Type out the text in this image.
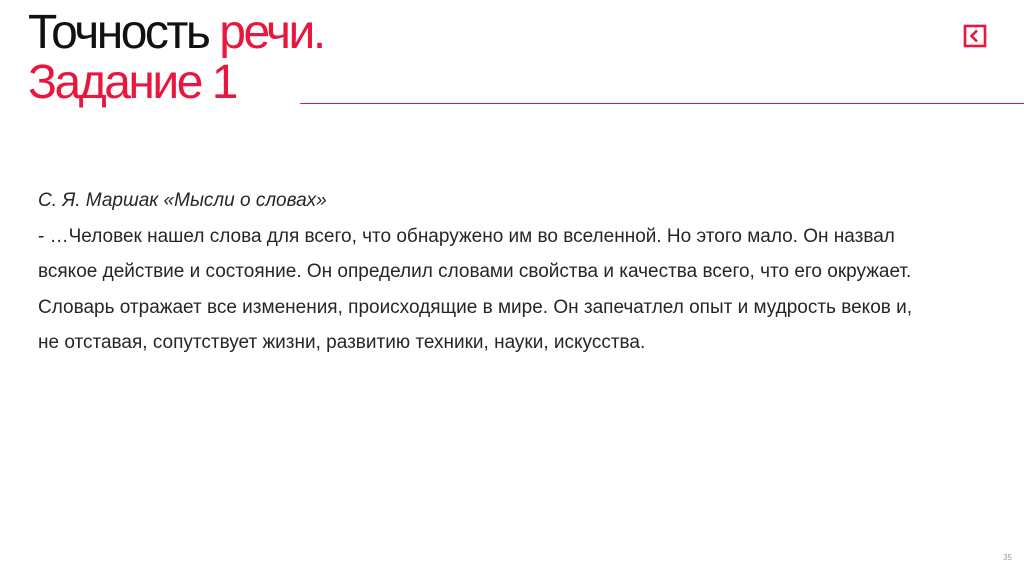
Точность речи.
Задание 1

С. Я. Маршак «Мысли о словах»

- …Человек нашел слова для всего, что обнаружено им во вселенной. Но этого мало. Он назвал всякое действие и состояние. Он определил словами свойства и качества всего, что его окружает.

Словарь отражает все изменения, происходящие в мире. Он запечатлел опыт и мудрость веков и, не отставая, сопутствует жизни, развитию техники, науки, искусства.

35
